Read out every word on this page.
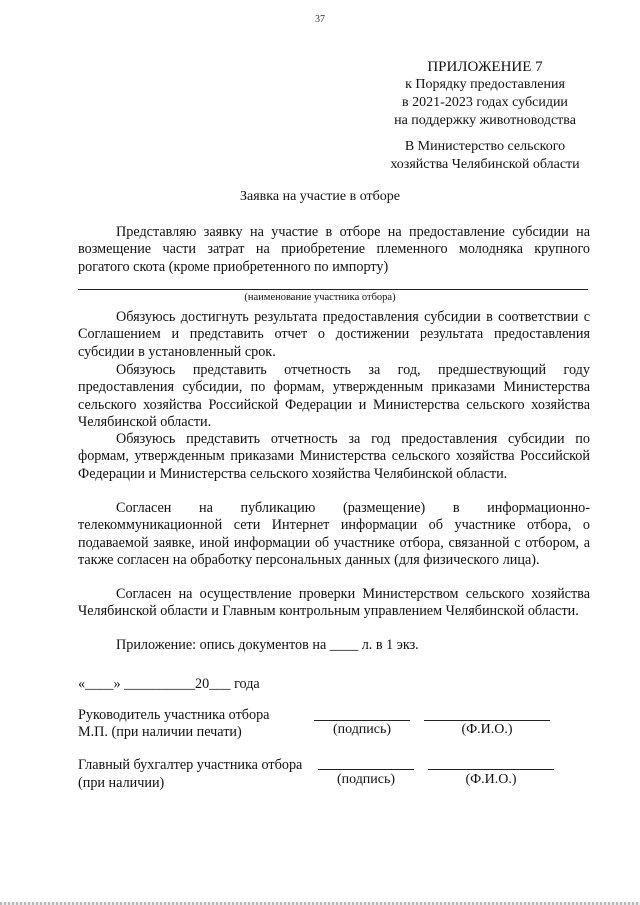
37
ПРИЛОЖЕНИЕ 7
к Порядку предоставления
в 2021-2023 годах субсидии
на поддержку животноводства
В Министерство сельского
хозяйства Челябинской области
Заявка на участие в отборе
Представляю заявку на участие в отборе на предоставление субсидии на возмещение части затрат на приобретение племенного молодняка крупного рогатого скота (кроме приобретенного по импорту)
(наименование участника отбора)
Обязуюсь достигнуть результата предоставления субсидии в соответствии с Соглашением и представить отчет о достижении результата предоставления субсидии в установленный срок.
Обязуюсь представить отчетность за год, предшествующий году предоставления субсидии, по формам, утвержденным приказами Министерства сельского хозяйства Российской Федерации и Министерства сельского хозяйства Челябинской области.
Обязуюсь представить отчетность за год предоставления субсидии по формам, утвержденным приказами Министерства сельского хозяйства Российской Федерации и Министерства сельского хозяйства Челябинской области.
Согласен на публикацию (размещение) в информационно-телекоммуникационной сети Интернет информации об участнике отбора, о подаваемой заявке, иной информации об участнике отбора, связанной с отбором, а также согласен на обработку персональных данных (для физического лица).
Согласен на осуществление проверки Министерством сельского хозяйства Челябинской области и Главным контрольным управлением Челябинской области.
Приложение: опись документов на ____ л. в 1 экз.
«____» __________20___ года
Руководитель участника отбора
М.П. (при наличии печати)	(подпись)	(Ф.И.О.)
Главный бухгалтер участника отбора
(при наличии)	(подпись)	(Ф.И.О.)
